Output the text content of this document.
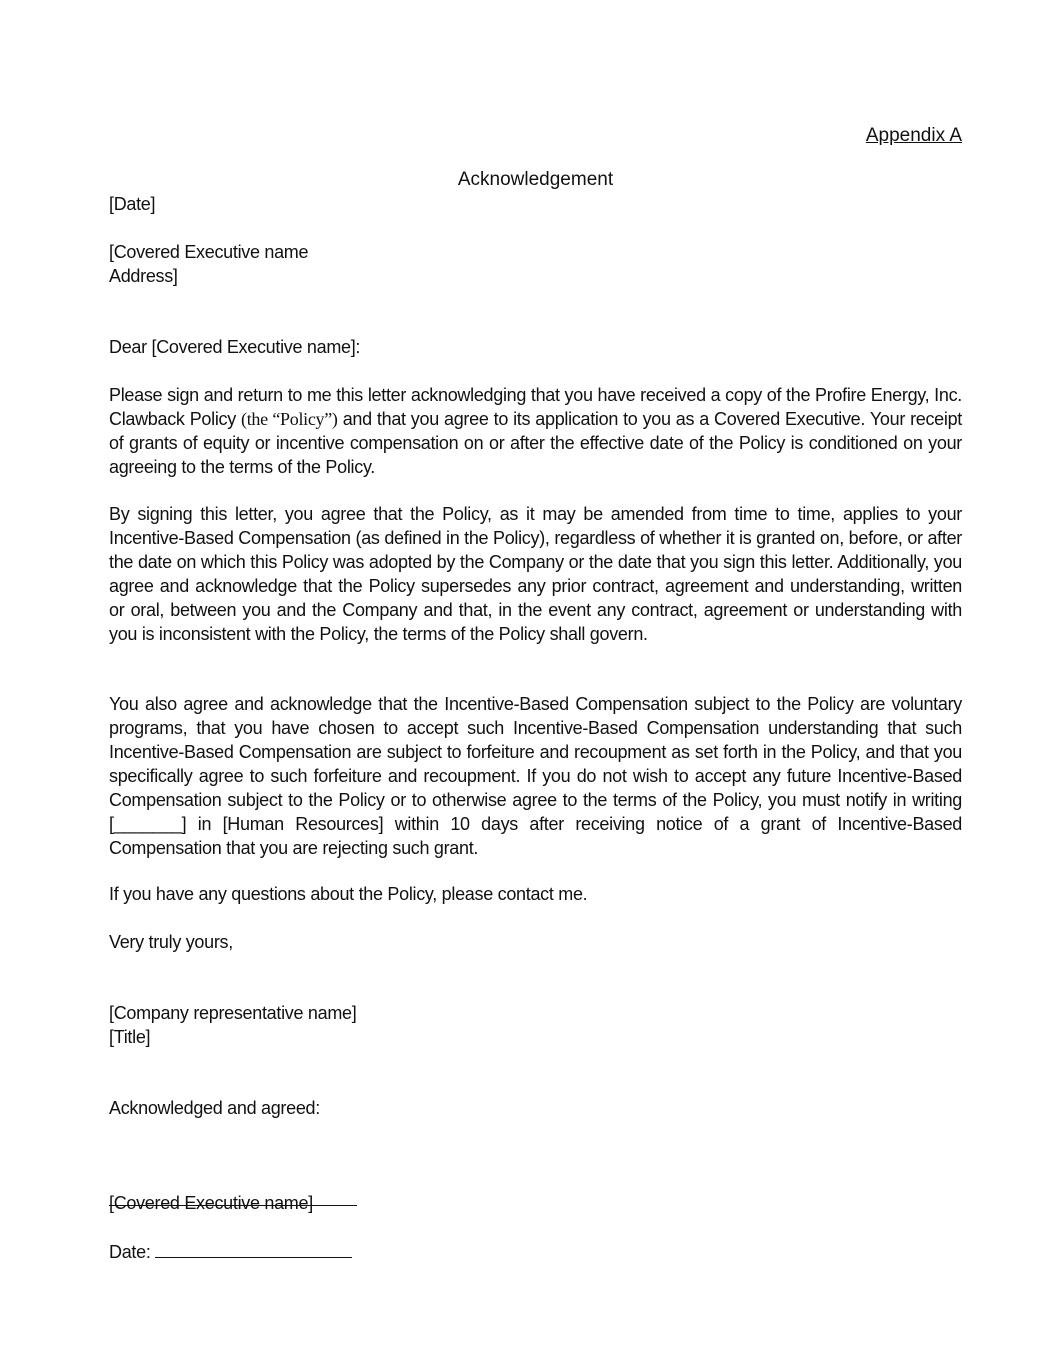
Appendix A
Acknowledgement
[Date]
[Covered Executive name
Address]
Dear [Covered Executive name]:
Please sign and return to me this letter acknowledging that you have received a copy of the Profire Energy, Inc. Clawback Policy (the “Policy”) and that you agree to its application to you as a Covered Executive. Your receipt of grants of equity or incentive compensation on or after the effective date of the Policy is conditioned on your agreeing to the terms of the Policy.
By signing this letter, you agree that the Policy, as it may be amended from time to time, applies to your Incentive-Based Compensation (as defined in the Policy), regardless of whether it is granted on, before, or after the date on which this Policy was adopted by the Company or the date that you sign this letter. Additionally, you agree and acknowledge that the Policy supersedes any prior contract, agreement and understanding, written or oral, between you and the Company and that, in the event any contract, agreement or understanding with you is inconsistent with the Policy, the terms of the Policy shall govern.
You also agree and acknowledge that the Incentive-Based Compensation subject to the Policy are voluntary programs, that you have chosen to accept such Incentive-Based Compensation understanding that such Incentive-Based Compensation are subject to forfeiture and recoupment as set forth in the Policy, and that you specifically agree to such forfeiture and recoupment. If you do not wish to accept any future Incentive-Based Compensation subject to the Policy or to otherwise agree to the terms of the Policy, you must notify in writing [_______] in [Human Resources] within 10 days after receiving notice of a grant of Incentive-Based Compensation that you are rejecting such grant.
If you have any questions about the Policy, please contact me.
Very truly yours,
[Company representative name]
[Title]
Acknowledged and agreed:
[Covered Executive name]
Date:
